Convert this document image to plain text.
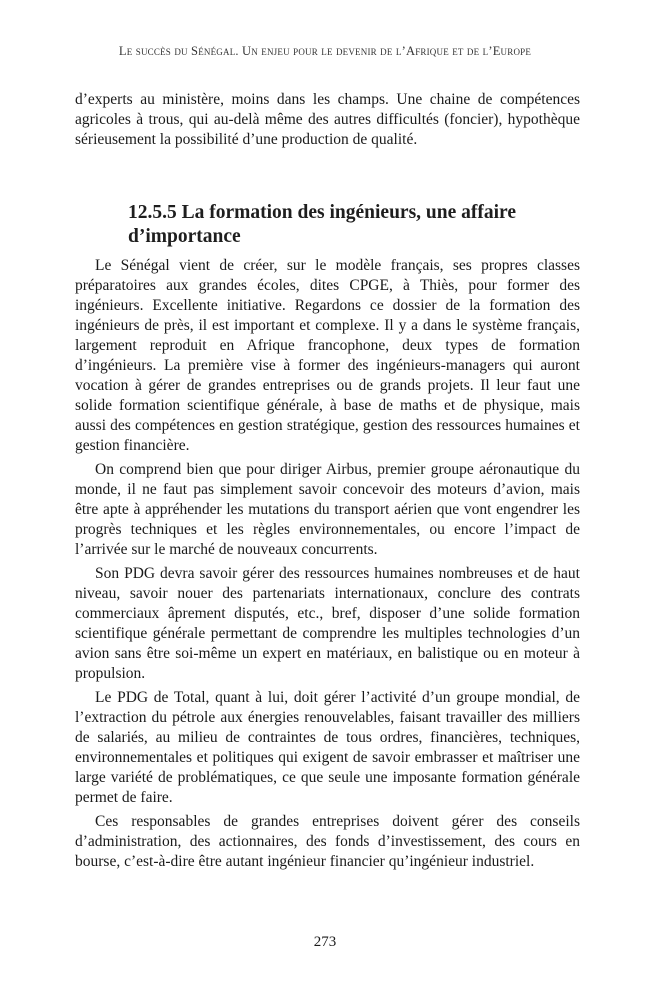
Le succès du Sénégal. Un enjeu pour le devenir de l’Afrique et de l’Europe

d’experts au ministère, moins dans les champs. Une chaine de compétences agricoles à trous, qui au-delà même des autres difficultés (foncier), hypothèque sérieusement la possibilité d’une production de qualité.

12.5.5 La formation des ingénieurs, une affaire d’importance

Le Sénégal vient de créer, sur le modèle français, ses propres classes préparatoires aux grandes écoles, dites CPGE, à Thiès, pour former des ingénieurs. Excellente initiative. Regardons ce dossier de la formation des ingénieurs de près, il est important et complexe. Il y a dans le système français, largement reproduit en Afrique francophone, deux types de formation d’ingénieurs. La première vise à former des ingénieurs-managers qui auront vocation à gérer de grandes entreprises ou de grands projets. Il leur faut une solide formation scientifique générale, à base de maths et de physique, mais aussi des compétences en gestion stratégique, gestion des ressources humaines et gestion financière.

On comprend bien que pour diriger Airbus, premier groupe aéronautique du monde, il ne faut pas simplement savoir concevoir des moteurs d’avion, mais être apte à appréhender les mutations du transport aérien que vont engendrer les progrès techniques et les règles environnementales, ou encore l’impact de l’arrivée sur le marché de nouveaux concurrents.

Son PDG devra savoir gérer des ressources humaines nombreuses et de haut niveau, savoir nouer des partenariats internationaux, conclure des contrats commerciaux âprement disputés, etc., bref, disposer d’une solide formation scientifique générale permettant de comprendre les multiples technologies d’un avion sans être soi-même un expert en matériaux, en balistique ou en moteur à propulsion.

Le PDG de Total, quant à lui, doit gérer l’activité d’un groupe mondial, de l’extraction du pétrole aux énergies renouvelables, faisant travailler des milliers de salariés, au milieu de contraintes de tous ordres, financières, techniques, environnementales et politiques qui exigent de savoir embrasser et maîtriser une large variété de problématiques, ce que seule une imposante formation générale permet de faire.

Ces responsables de grandes entreprises doivent gérer des conseils d’administration, des actionnaires, des fonds d’investissement, des cours en bourse, c’est-à-dire être autant ingénieur financier qu’ingénieur industriel.

273
